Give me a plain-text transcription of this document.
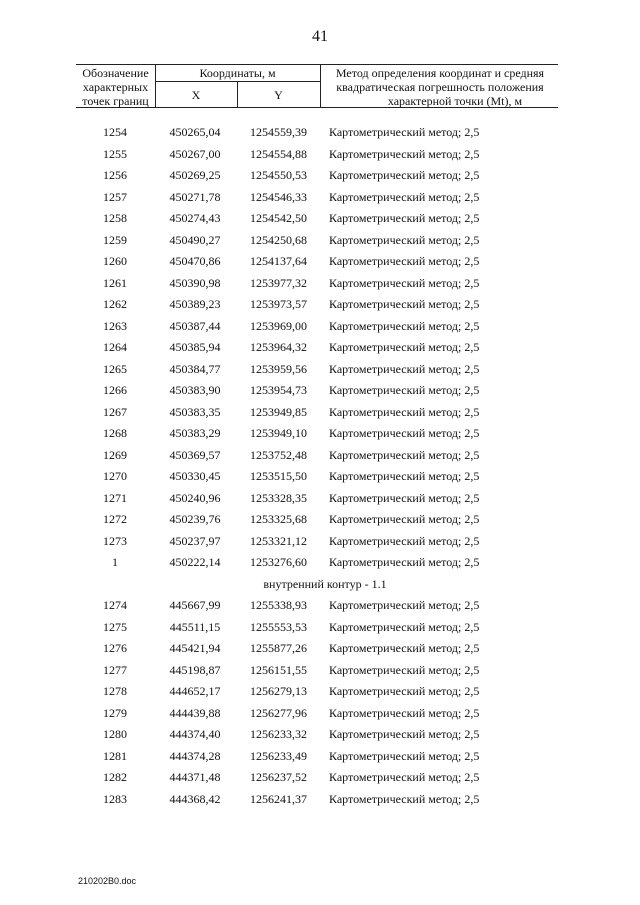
41
Обозначение
характерных
точек границ
Координаты, м
X	Y
Метод определения координат и средняя
квадратическая погрешность положения
характерной точки (Mt), м
1254	450265,04	1254559,39	Картометрический метод; 2,5
1255	450267,00	1254554,88	Картометрический метод; 2,5
1256	450269,25	1254550,53	Картометрический метод; 2,5
1257	450271,78	1254546,33	Картометрический метод; 2,5
1258	450274,43	1254542,50	Картометрический метод; 2,5
1259	450490,27	1254250,68	Картометрический метод; 2,5
1260	450470,86	1254137,64	Картометрический метод; 2,5
1261	450390,98	1253977,32	Картометрический метод; 2,5
1262	450389,23	1253973,57	Картометрический метод; 2,5
1263	450387,44	1253969,00	Картометрический метод; 2,5
1264	450385,94	1253964,32	Картометрический метод; 2,5
1265	450384,77	1253959,56	Картометрический метод; 2,5
1266	450383,90	1253954,73	Картометрический метод; 2,5
1267	450383,35	1253949,85	Картометрический метод; 2,5
1268	450383,29	1253949,10	Картометрический метод; 2,5
1269	450369,57	1253752,48	Картометрический метод; 2,5
1270	450330,45	1253515,50	Картометрический метод; 2,5
1271	450240,96	1253328,35	Картометрический метод; 2,5
1272	450239,76	1253325,68	Картометрический метод; 2,5
1273	450237,97	1253321,12	Картометрический метод; 2,5
1	450222,14	1253276,60	Картометрический метод; 2,5
внутренний контур - 1.1
1274	445667,99	1255338,93	Картометрический метод; 2,5
1275	445511,15	1255553,53	Картометрический метод; 2,5
1276	445421,94	1255877,26	Картометрический метод; 2,5
1277	445198,87	1256151,55	Картометрический метод; 2,5
1278	444652,17	1256279,13	Картометрический метод; 2,5
1279	444439,88	1256277,96	Картометрический метод; 2,5
1280	444374,40	1256233,32	Картометрический метод; 2,5
1281	444374,28	1256233,49	Картометрический метод; 2,5
1282	444371,48	1256237,52	Картометрический метод; 2,5
1283	444368,42	1256241,37	Картометрический метод; 2,5
210202B0.doc
